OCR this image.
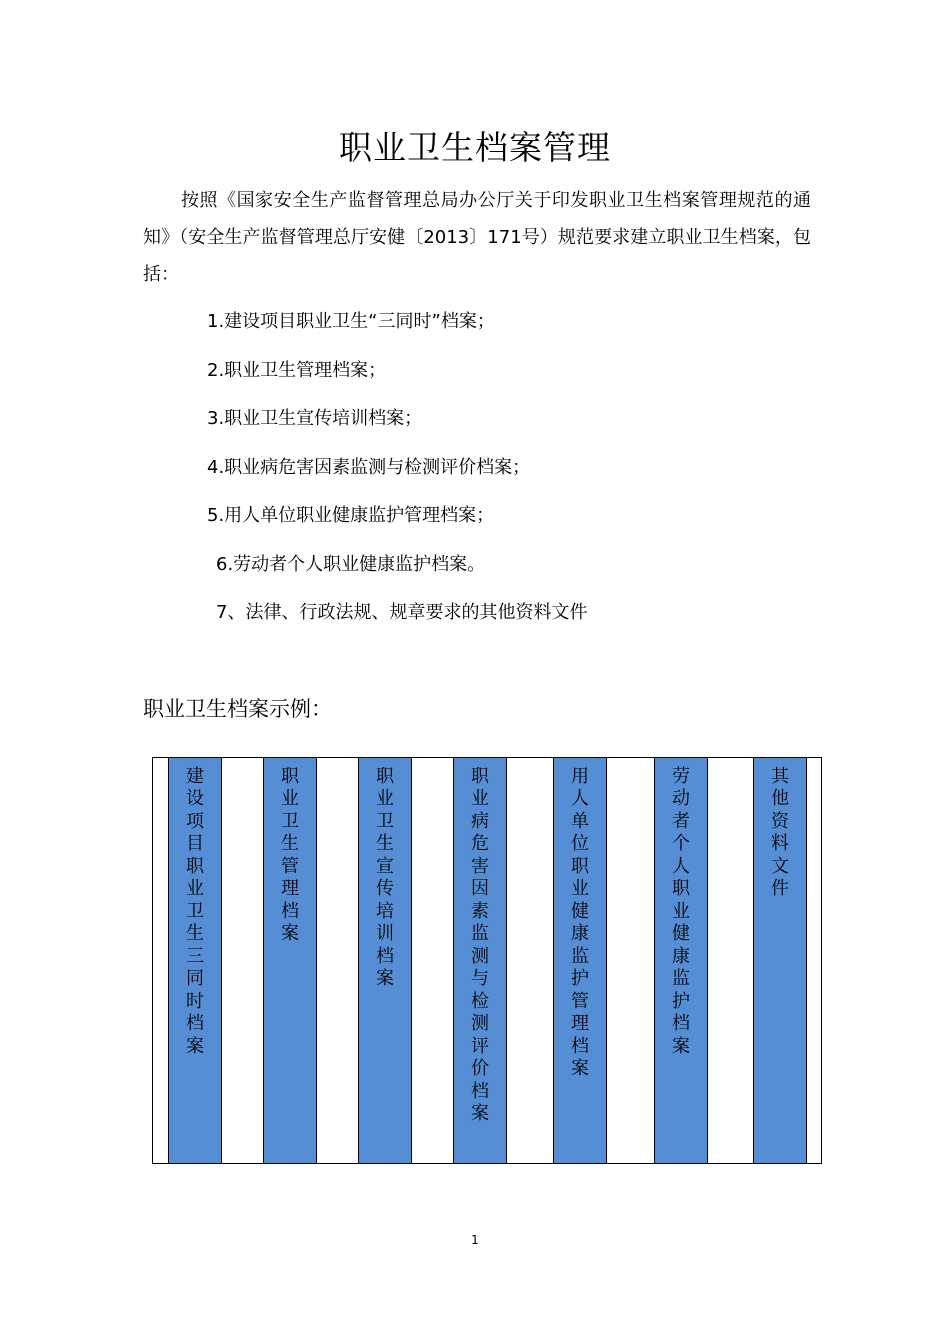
职业卫生档案管理
按照《国家安全生产监督管理总局办公厅关于印发职业卫生档案管理规范的通知》（安全生产监督管理总厅安健〔2013〕171号）规范要求建立职业卫生档案，包括：
1.建设项目职业卫生“三同时”档案；
2.职业卫生管理档案；
3.职业卫生宣传培训档案；
4.职业病危害因素监测与检测评价档案；
5.用人单位职业健康监护管理档案；
6.劳动者个人职业健康监护档案。
7、法律、行政法规、规章要求的其他资料文件
职业卫生档案示例：
建设项目职业卫生三同时档案
职业卫生管理档案
职业卫生宣传培训档案
职业病危害因素监测与检测评价档案
用人单位职业健康监护管理档案
劳动者个人职业健康监护档案
其他资料文件
1
